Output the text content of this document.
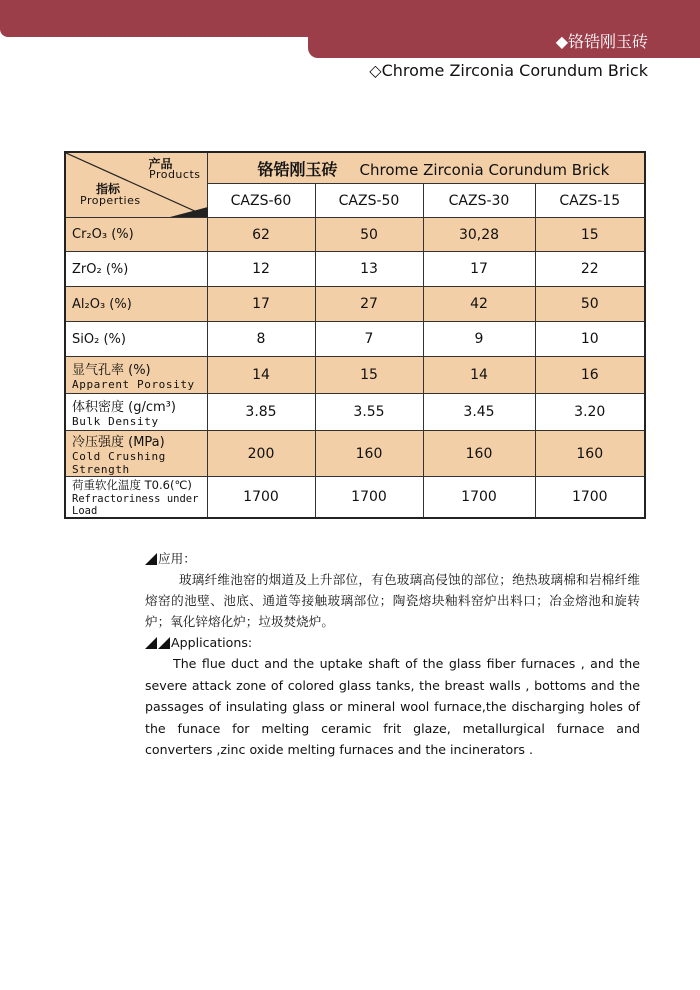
◆铬锆刚玉砖
◇Chrome Zirconia Corundum Brick
产品
Products
指标
Properties	铬锆刚玉砖 Chrome Zirconia Corundum Brick			
	CAZS-60	CAZS-50	CAZS-30	CAZS-15

Cr₂O₃ (%)	62	50	30,28	15

ZrO₂ (%)	12	13	17	22

Al₂O₃ (%)	17	27	42	50

SiO₂ (%)	8	7	9	10

显气孔率 (%)
Apparent Porosity	14	15	14	16

体积密度 (g/cm³)
Bulk Density	3.85	3.55	3.45	3.20

冷压强度 (MPa)
Cold Crushing Strength	200	160	160	160

荷重软化温度 T0.6(℃)
Refractoriness under Load	1700	1700	1700	1700

应用：

玻璃纤维池窑的烟道及上升部位，有色玻璃高侵蚀的部位；绝热玻璃棉和岩棉纤维熔窑的池壁、池底、通道等接触玻璃部位；陶瓷熔块釉料窑炉出料口；冶金熔池和旋转炉；氧化锌熔化炉；垃圾焚烧炉。

Applications:

The flue duct and the uptake shaft of the glass fiber furnaces , and the severe attack zone of colored glass tanks, the breast walls , bottoms and the passages of insulating glass or mineral wool furnace,the discharging holes of the funace for melting ceramic frit glaze, metallurgical furnace and converters ,zinc oxide melting furnaces and the incinerators .
